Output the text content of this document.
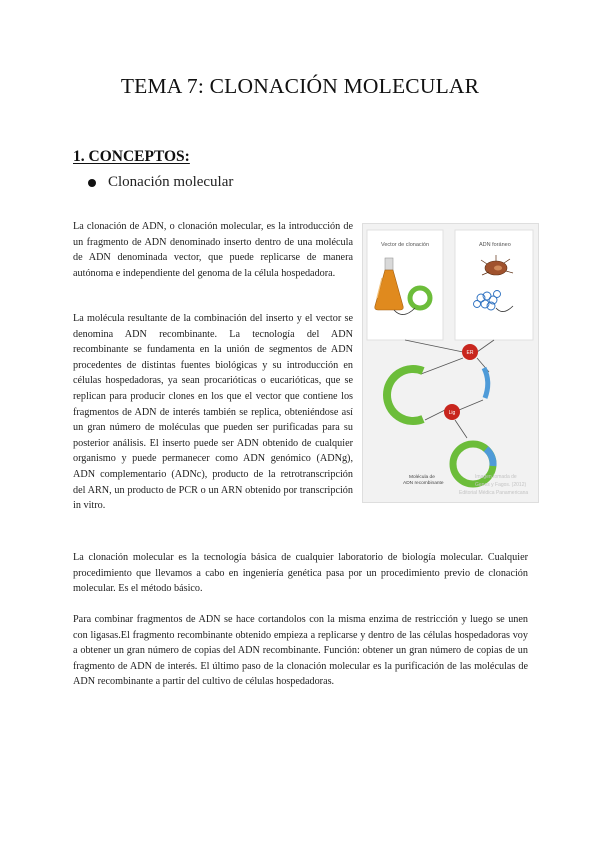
TEMA 7: CLONACIÓN MOLECULAR
1. CONCEPTOS:
Clonación molecular

La clonación de ADN, o clonación molecular, es la introducción de un fragmento de ADN denominado inserto dentro de una molécula de ADN denominada vector, que puede replicarse de manera autónoma e independiente del genoma de la célula hospedadora.

La molécula resultante de la combinación del inserto y el vector se denomina ADN recombinante. La tecnología del ADN recombinante se fundamenta en la unión de segmentos de ADN procedentes de distintas fuentes biológicas y su introducción en células hospedadoras, ya sean procarióticas o eucarióticas, que se replican para producir clones en los que el vector que contiene los fragmentos de ADN de interés también se replica, obteniéndose así un gran número de moléculas que pueden ser purificadas para su posterior análisis. El inserto puede ser ADN obtenido de cualquier organismo y puede permanecer como ADN genómico (ADNg), ADN complementario (ADNc), producto de la retrotranscripción del ARN, un producto de PCR o un ARN obtenido por transcripción in vitro.

Vector de clonación	ADN foráneo
ER
Lig
Molécula de
ADN recombinante
Imagen tomada de
Genes y Fagos. (2012)
Editorial Médica Panamericana

La clonación molecular es la tecnología básica de cualquier laboratorio de biología molecular. Cualquier procedimiento que llevamos a cabo en ingeniería genética pasa por un procedimiento previo de clonación molecular. Es el método básico.

Para combinar fragmentos de ADN se hace cortandolos con la misma enzima de restricción y luego se unen con ligasas.El fragmento recombinante obtenido empieza a replicarse y dentro de las células hospedadoras voy a obtener un gran número de copias del ADN recombinante. Función: obtener un gran número de copias de un fragmento de ADN de interés. El último paso de la clonación molecular es la purificación de las moléculas de ADN recombinante a partir del cultivo de células hospedadoras.
